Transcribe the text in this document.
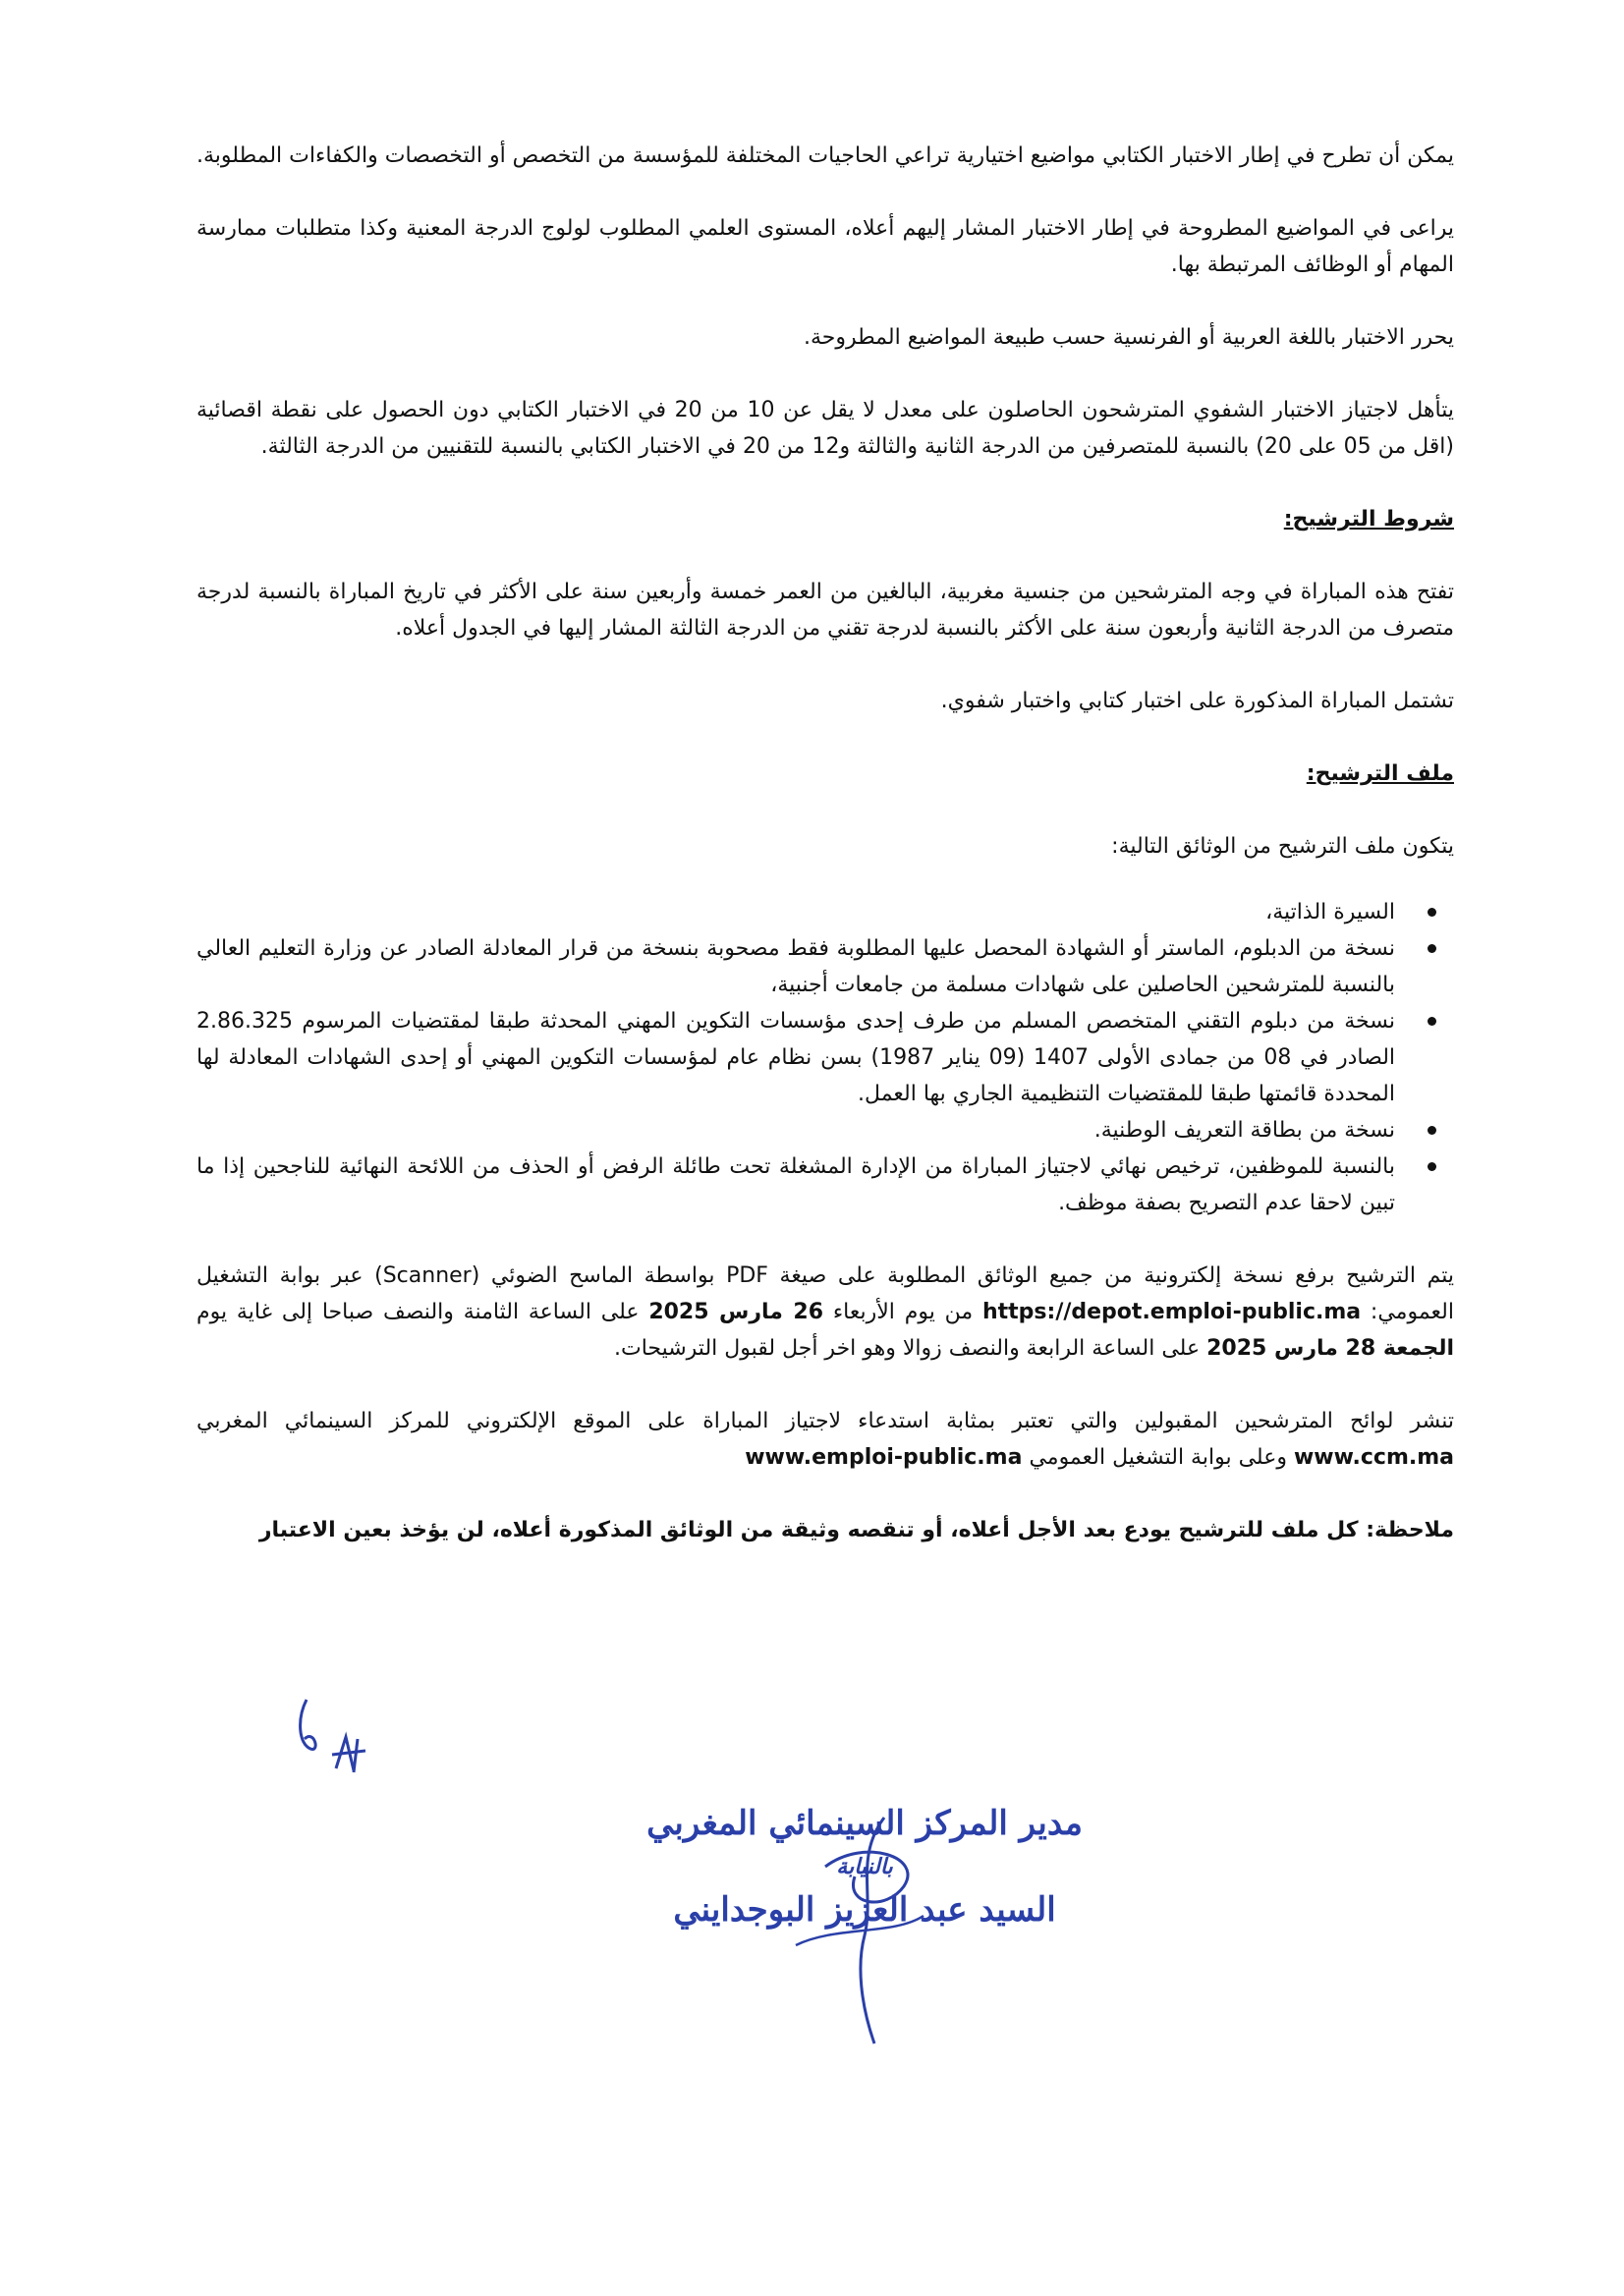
يمكن أن تطرح في إطار الاختبار الكتابي مواضيع اختيارية تراعي الحاجيات المختلفة للمؤسسة من التخصص أو التخصصات والكفاءات المطلوبة.

يراعى في المواضيع المطروحة في إطار الاختبار المشار إليهم أعلاه، المستوى العلمي المطلوب لولوج الدرجة المعنية وكذا متطلبات ممارسة المهام أو الوظائف المرتبطة بها.

يحرر الاختبار باللغة العربية أو الفرنسية حسب طبيعة المواضيع المطروحة.

يتأهل لاجتياز الاختبار الشفوي المترشحون الحاصلون على معدل لا يقل عن 10 من 20 في الاختبار الكتابي دون الحصول على نقطة اقصائية (اقل من 05 على 20) بالنسبة للمتصرفين من الدرجة الثانية والثالثة و12 من 20 في الاختبار الكتابي بالنسبة للتقنيين من الدرجة الثالثة.

شروط الترشيح:

تفتح هذه المباراة في وجه المترشحين من جنسية مغربية، البالغين من العمر خمسة وأربعين سنة على الأكثر في تاريخ المباراة بالنسبة لدرجة متصرف من الدرجة الثانية وأربعون سنة على الأكثر بالنسبة لدرجة تقني من الدرجة الثالثة المشار إليها في الجدول أعلاه.

تشتمل المباراة المذكورة على اختبار كتابي واختبار شفوي.

ملف الترشيح:

يتكون ملف الترشيح من الوثائق التالية:

السيرة الذاتية،
نسخة من الدبلوم، الماستر أو الشهادة المحصل عليها المطلوبة فقط مصحوبة بنسخة من قرار المعادلة الصادر عن وزارة التعليم العالي بالنسبة للمترشحين الحاصلين على شهادات مسلمة من جامعات أجنبية،
نسخة من دبلوم التقني المتخصص المسلم من طرف إحدى مؤسسات التكوين المهني المحدثة طبقا لمقتضيات المرسوم 2.86.325 الصادر في 08 من جمادى الأولى 1407 (09 يناير 1987) بسن نظام عام لمؤسسات التكوين المهني أو إحدى الشهادات المعادلة لها المحددة قائمتها طبقا للمقتضيات التنظيمية الجاري بها العمل.
نسخة من بطاقة التعريف الوطنية.
بالنسبة للموظفين، ترخيص نهائي لاجتياز المباراة من الإدارة المشغلة تحت طائلة الرفض أو الحذف من اللائحة النهائية للناجحين إذا ما تبين لاحقا عدم التصريح بصفة موظف.

يتم الترشيح برفع نسخة إلكترونية من جميع الوثائق المطلوبة على صيغة PDF بواسطة الماسح الضوئي (Scanner) عبر بوابة التشغيل العمومي: https://depot.emploi-public.ma من يوم الأربعاء 26 مارس 2025 على الساعة الثامنة والنصف صباحا إلى غاية يوم الجمعة 28 مارس 2025 على الساعة الرابعة والنصف زوالا وهو اخر أجل لقبول الترشيحات.

تنشر لوائح المترشحين المقبولين والتي تعتبر بمثابة استدعاء لاجتياز المباراة على الموقع الإلكتروني للمركز السينمائي المغربي www.ccm.ma وعلى بوابة التشغيل العمومي www.emploi-public.ma

ملاحظة: كل ملف للترشيح يودع بعد الأجل أعلاه، أو تنقصه وثيقة من الوثائق المذكورة أعلاه، لن يؤخذ بعين الاعتبار

مدير المركز السينمائي المغربي
بالنيابة
السيد عبد العزيز البوجدايني
